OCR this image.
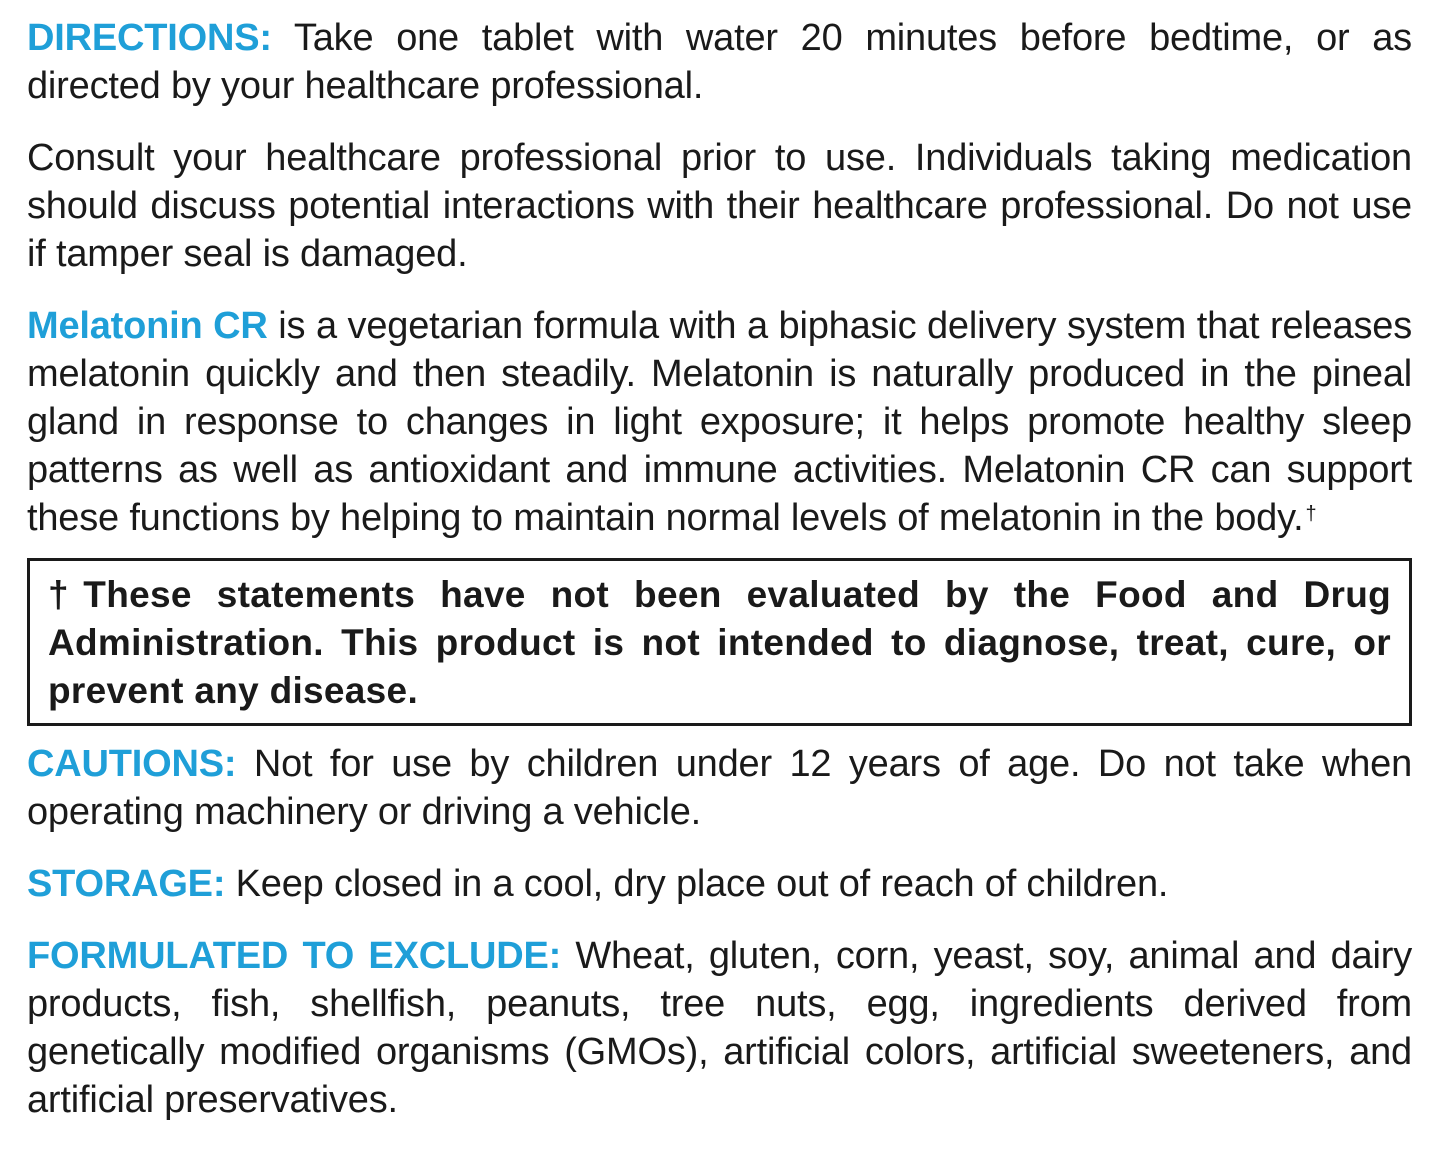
DIRECTIONS: Take one tablet with water 20 minutes before bedtime, or as directed by your healthcare professional.

Consult your healthcare professional prior to use. Individuals taking medication should discuss potential interactions with their healthcare professional. Do not use if tamper seal is damaged.

Melatonin CR is a vegetarian formula with a biphasic delivery system that releases melatonin quickly and then steadily. Melatonin is naturally produced in the pineal gland in response to changes in light exposure; it helps promote healthy sleep patterns as well as antioxidant and immune activities. Melatonin CR can support these functions by helping to maintain normal levels of melatonin in the body. †

†These statements have not been evaluated by the Food and Drug Administration. This product is not intended to diagnose, treat, cure, or prevent any disease.

CAUTIONS: Not for use by children under 12 years of age. Do not take when operating machinery or driving a vehicle.

STORAGE: Keep closed in a cool, dry place out of reach of children.

FORMULATED TO EXCLUDE: Wheat, gluten, corn, yeast, soy, animal and dairy products, fish, shellfish, peanuts, tree nuts, egg, ingredients derived from genetically modified organisms (GMOs), artificial colors, artificial sweeteners, and artificial preservatives.
